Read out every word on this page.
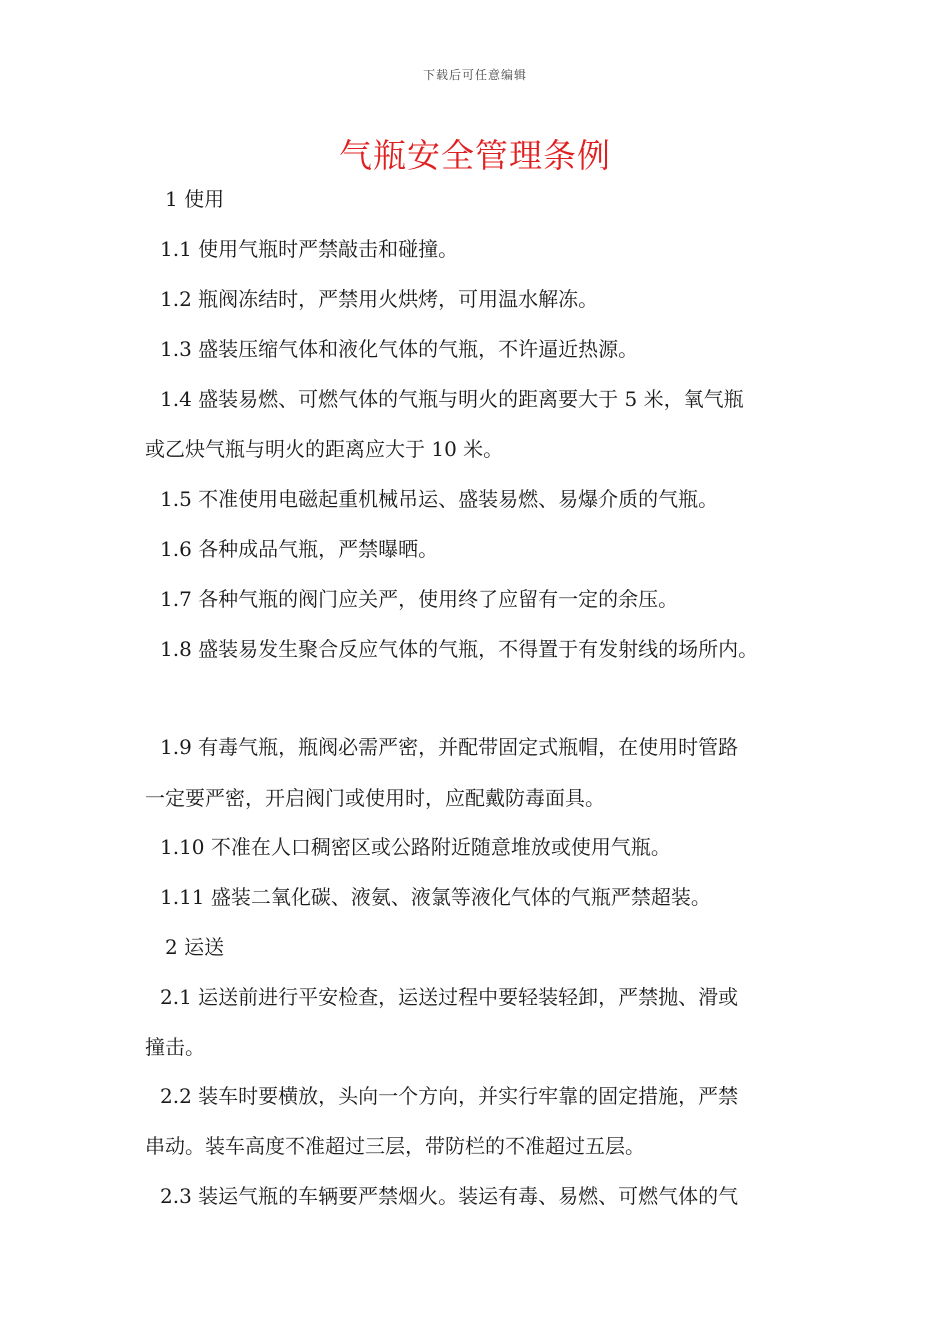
下载后可任意编辑
气瓶安全管理条例
1 使用
1.1 使用气瓶时严禁敲击和碰撞。
1.2 瓶阀冻结时，严禁用火烘烤，可用温水解冻。
1.3 盛装压缩气体和液化气体的气瓶，不许逼近热源。
1.4 盛装易燃、可燃气体的气瓶与明火的距离要大于 5 米，氧气瓶
或乙炔气瓶与明火的距离应大于 10 米。
1.5 不准使用电磁起重机械吊运、盛装易燃、易爆介质的气瓶。
1.6 各种成品气瓶，严禁曝晒。
1.7 各种气瓶的阀门应关严，使用终了应留有一定的余压。
1.8 盛装易发生聚合反应气体的气瓶，不得置于有发射线的场所内。
1.9 有毒气瓶，瓶阀必需严密，并配带固定式瓶帽，在使用时管路
一定要严密，开启阀门或使用时，应配戴防毒面具。
1.10 不准在人口稠密区或公路附近随意堆放或使用气瓶。
1.11 盛装二氧化碳、液氨、液氯等液化气体的气瓶严禁超装。
2 运送
2.1 运送前进行平安检查，运送过程中要轻装轻卸，严禁抛、滑或
撞击。
2.2 装车时要横放，头向一个方向，并实行牢靠的固定措施，严禁
串动。装车高度不准超过三层，带防栏的不准超过五层。
2.3 装运气瓶的车辆要严禁烟火。装运有毒、易燃、可燃气体的气
